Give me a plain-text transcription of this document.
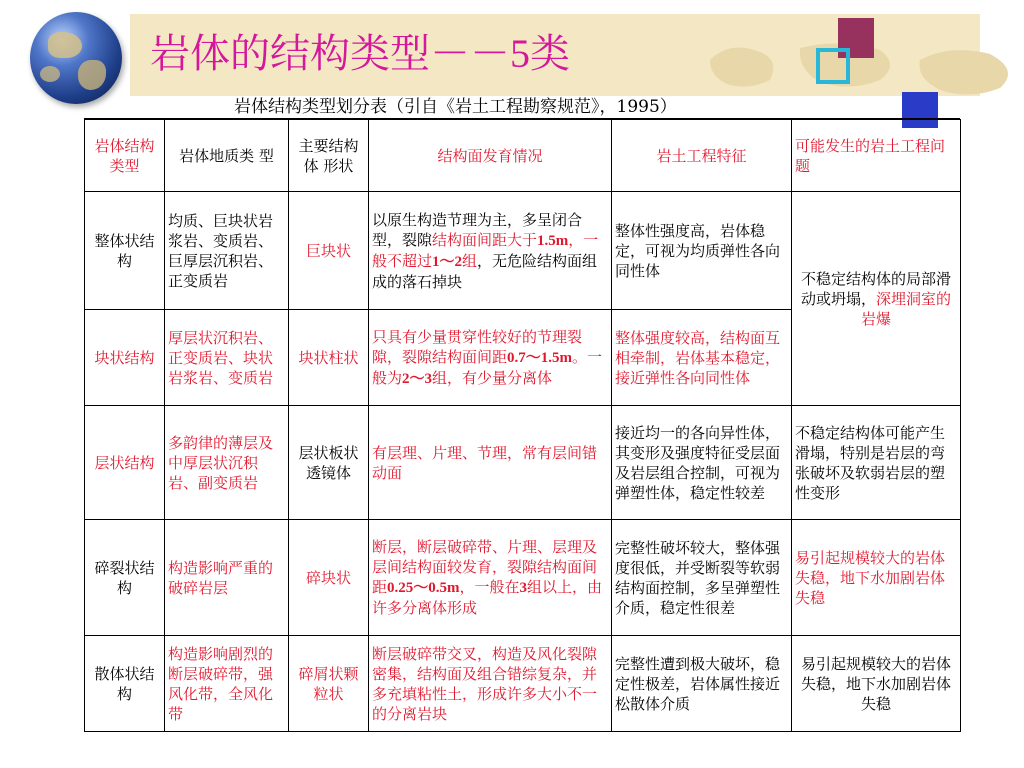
岩体的结构类型－－5类
岩体结构类型划分表（引自《岩土工程勘察规范》，1995）
岩体结构类型	岩体地质类 型	主要结构体 形状	结构面发育情况	岩土工程特征	可能发生的岩土工程问题
整体状结 构	均质、巨块状岩浆岩、变质岩、巨厚层沉积岩、正变质岩	巨块状	以原生构造节理为主，多呈闭合型，裂隙结构面间距大于1.5m，一般不超过1～2组，无危险结构面组成的落石掉块	整体性强度高，岩体稳定，可视为均质弹性各向同性体	不稳定结构体的局部滑动或坍塌，深埋洞室的岩爆
块状结构	厚层状沉积岩、正变质岩、块状岩浆岩、变质岩	块状柱状	只具有少量贯穿性较好的节理裂隙，裂隙结构面间距0.7～1.5m。一般为2～3组，有少量分离体	整体强度较高，结构面互相牵制，岩体基本稳定，接近弹性各向同性体	
层状结构	多韵律的薄层及中厚层状沉积岩、副变质岩	层状板状透镜体	有层理、片理、节理，常有层间错动面	接近均一的各向异性体，其变形及强度特征受层面及岩层组合控制，可视为弹塑性体，稳定性较差	不稳定结构体可能产生滑塌，特别是岩层的弯张破坏及软弱岩层的塑性变形
碎裂状结 构	构造影响严重的破碎岩层	碎块状	断层，断层破碎带、片理、层理及层间结构面较发育，裂隙结构面间距0.25～0.5m，一般在3组以上，由许多分离体形成	完整性破坏较大，整体强度很低，并受断裂等软弱结构面控制，多呈弹塑性介质，稳定性很差	易引起规模较大的岩体失稳，地下水加剧岩体失稳
散体状结 构	构造影响剧烈的断层破碎带，强风化带，全风化带	碎屑状颗粒状	断层破碎带交叉，构造及风化裂隙密集，结构面及组合错综复杂，并多充填粘性土，形成许多大小不一的分离岩块	完整性遭到极大破坏，稳定性极差，岩体属性接近松散体介质	易引起规模较大的岩体失稳，地下水加剧岩体失稳
